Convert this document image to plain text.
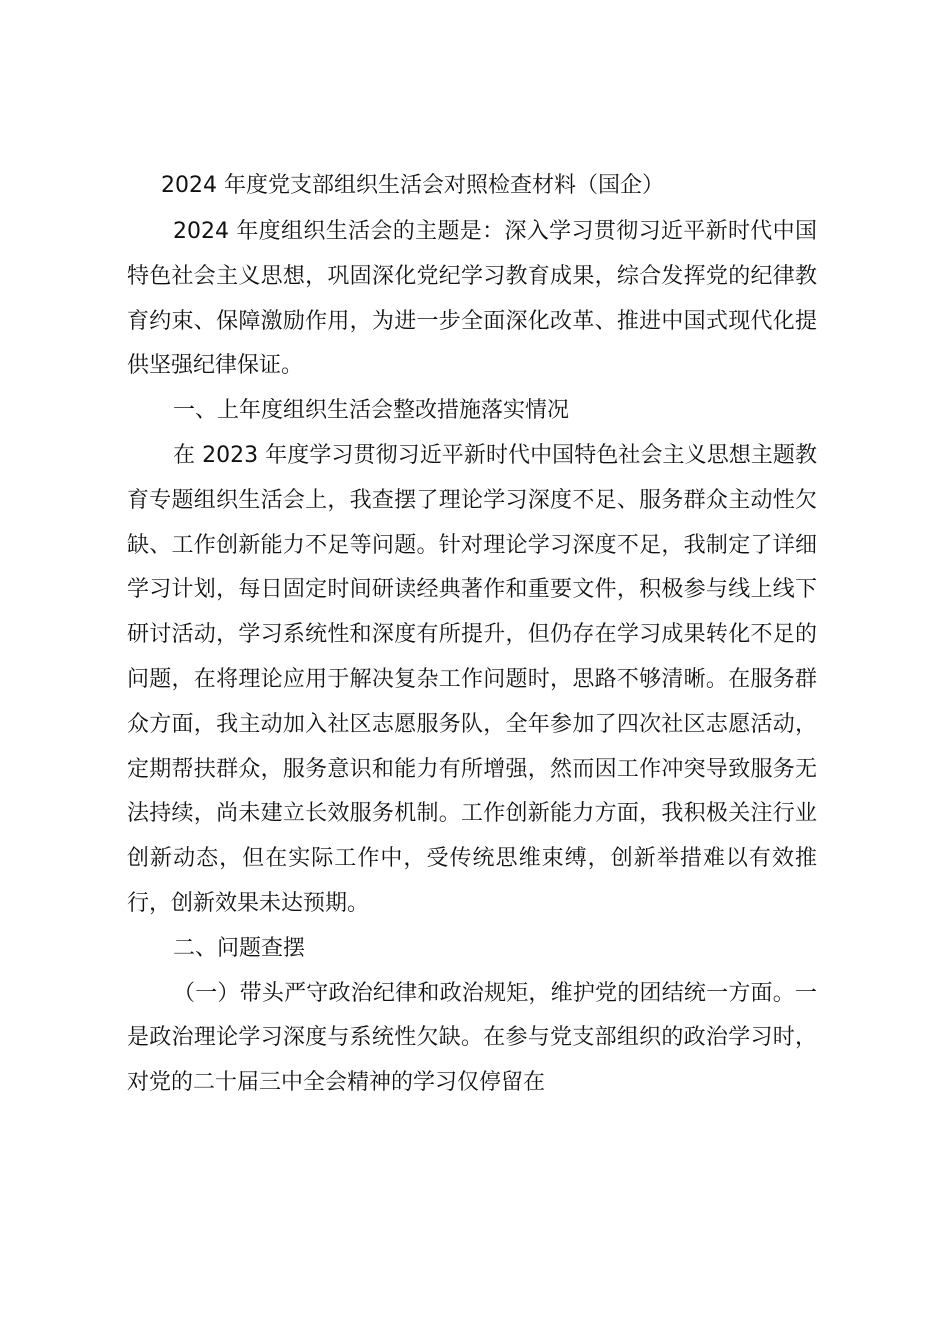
2024 年度党支部组织生活会对照检查材料（国企）

2024 年度组织生活会的主题是：深入学习贯彻习近平新时代中国特色社会主义思想，巩固深化党纪学习教育成果，综合发挥党的纪律教育约束、保障激励作用，为进一步全面深化改革、推进中国式现代化提供坚强纪律保证。

一、上年度组织生活会整改措施落实情况

在 2023 年度学习贯彻习近平新时代中国特色社会主义思想主题教育专题组织生活会上，我查摆了理论学习深度不足、服务群众主动性欠缺、工作创新能力不足等问题。针对理论学习深度不足，我制定了详细学习计划，每日固定时间研读经典著作和重要文件，积极参与线上线下研讨活动，学习系统性和深度有所提升，但仍存在学习成果转化不足的问题，在将理论应用于解决复杂工作问题时，思路不够清晰。在服务群众方面，我主动加入社区志愿服务队，全年参加了四次社区志愿活动，定期帮扶群众，服务意识和能力有所增强，然而因工作冲突导致服务无法持续，尚未建立长效服务机制。工作创新能力方面，我积极关注行业创新动态，但在实际工作中，受传统思维束缚，创新举措难以有效推行，创新效果未达预期。

二、问题查摆

（一）带头严守政治纪律和政治规矩，维护党的团结统一方面。一是政治理论学习深度与系统性欠缺。在参与党支部组织的政治学习时，对党的二十届三中全会精神的学习仅停留在
